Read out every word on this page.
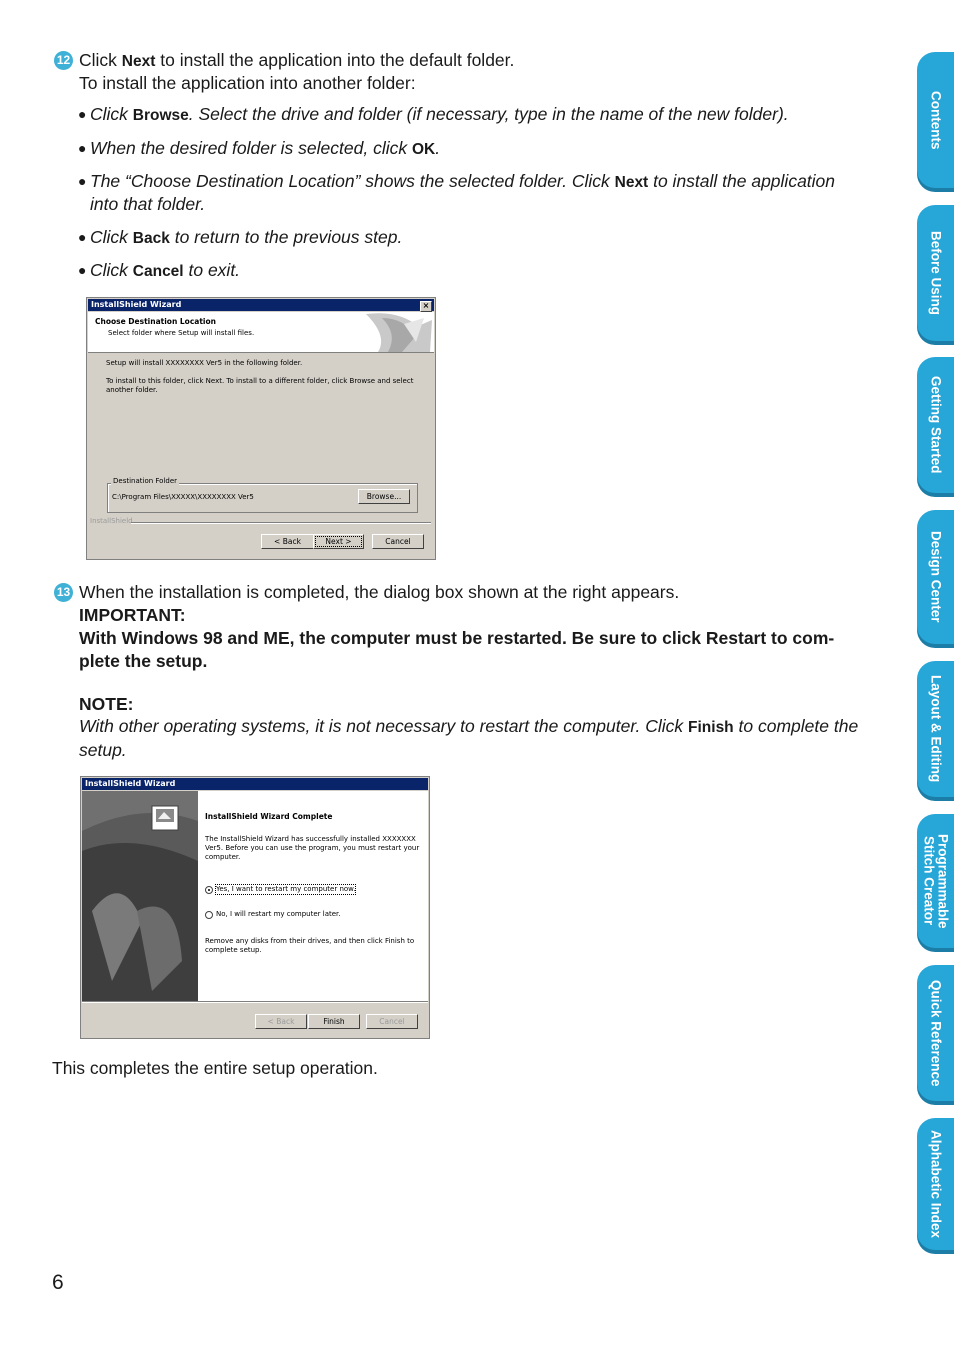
12 Click Next to install the application into the default folder.
To install the application into another folder:
● Click Browse. Select the drive and folder (if necessary, type in the name of the new folder).
● When the desired folder is selected, click OK.
● The “Choose Destination Location” shows the selected folder. Click Next to install the application
into that folder.
● Click Back to return to the previous step.
● Click Cancel to exit.
InstallShield Wizard	×
Choose Destination Location
Select folder where Setup will install files.
Setup will install XXXXXXXX Ver5 in the following folder.
To install to this folder, click Next. To install to a different folder, click Browse and select
another folder.
Destination Folder
C:\Program Files\XXXXX\XXXXXXXX Ver5	Browse...
InstallShield
< Back	Next >	Cancel
13 When the installation is completed, the dialog box shown at the right appears.
IMPORTANT:
With Windows 98 and ME, the computer must be restarted. Be sure to click Restart to com-
plete the setup.
NOTE:
With other operating systems, it is not necessary to restart the computer. Click Finish to complete the
setup.
InstallShield Wizard
InstallShield Wizard Complete
The InstallShield Wizard has successfully installed XXXXXXX
Ver5. Before you can use the program, you must restart your
computer.
Yes, I want to restart my computer now.
No, I will restart my computer later.
Remove any disks from their drives, and then click Finish to
complete setup.
< Back	Finish	Cancel
This completes the entire setup operation.
6
Contents
Before Using
Getting Started
Design Center
Layout & Editing
Programmable
Stitch Creator
Quick Reference
Alphabetic Index
